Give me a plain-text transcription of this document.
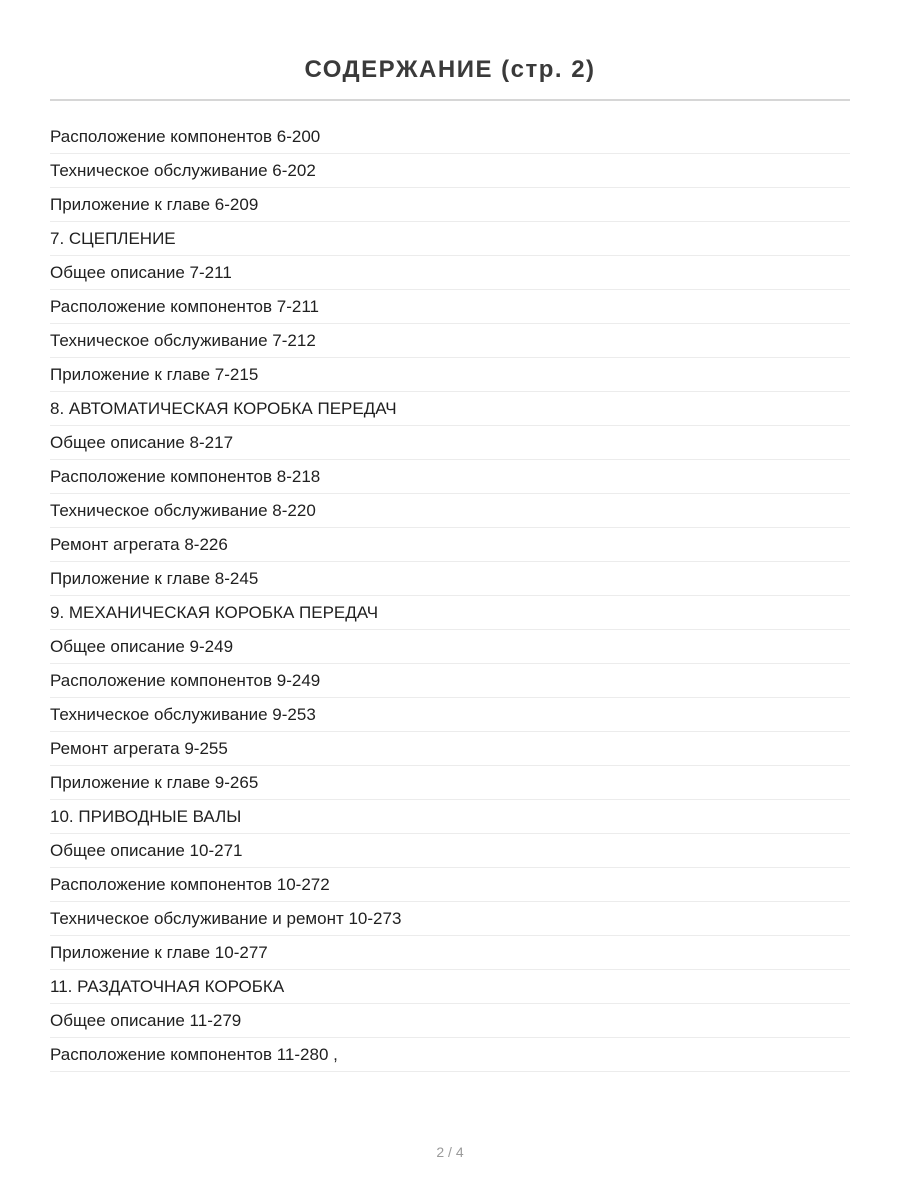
СОДЕРЖАНИЕ (стр. 2)
Расположение компонентов 6-200
Техническое обслуживание 6-202
Приложение к главе 6-209
7. СЦЕПЛЕНИЕ
Общее описание 7-211
Расположение компонентов 7-211
Техническое обслуживание 7-212
Приложение к главе 7-215
8. АВТОМАТИЧЕСКАЯ КОРОБКА ПЕРЕДАЧ
Общее описание 8-217
Расположение компонентов 8-218
Техническое обслуживание 8-220
Ремонт агрегата 8-226
Приложение к главе 8-245
9. МЕХАНИЧЕСКАЯ КОРОБКА ПЕРЕДАЧ
Общее описание 9-249
Расположение компонентов 9-249
Техническое обслуживание 9-253
Ремонт агрегата 9-255
Приложение к главе 9-265
10. ПРИВОДНЫЕ ВАЛЫ
Общее описание 10-271
Расположение компонентов 10-272
Техническое обслуживание и ремонт 10-273
Приложение к главе 10-277
11. РАЗДАТОЧНАЯ КОРОБКА
Общее описание 11-279
Расположение компонентов 11-280 ,
2 / 4
